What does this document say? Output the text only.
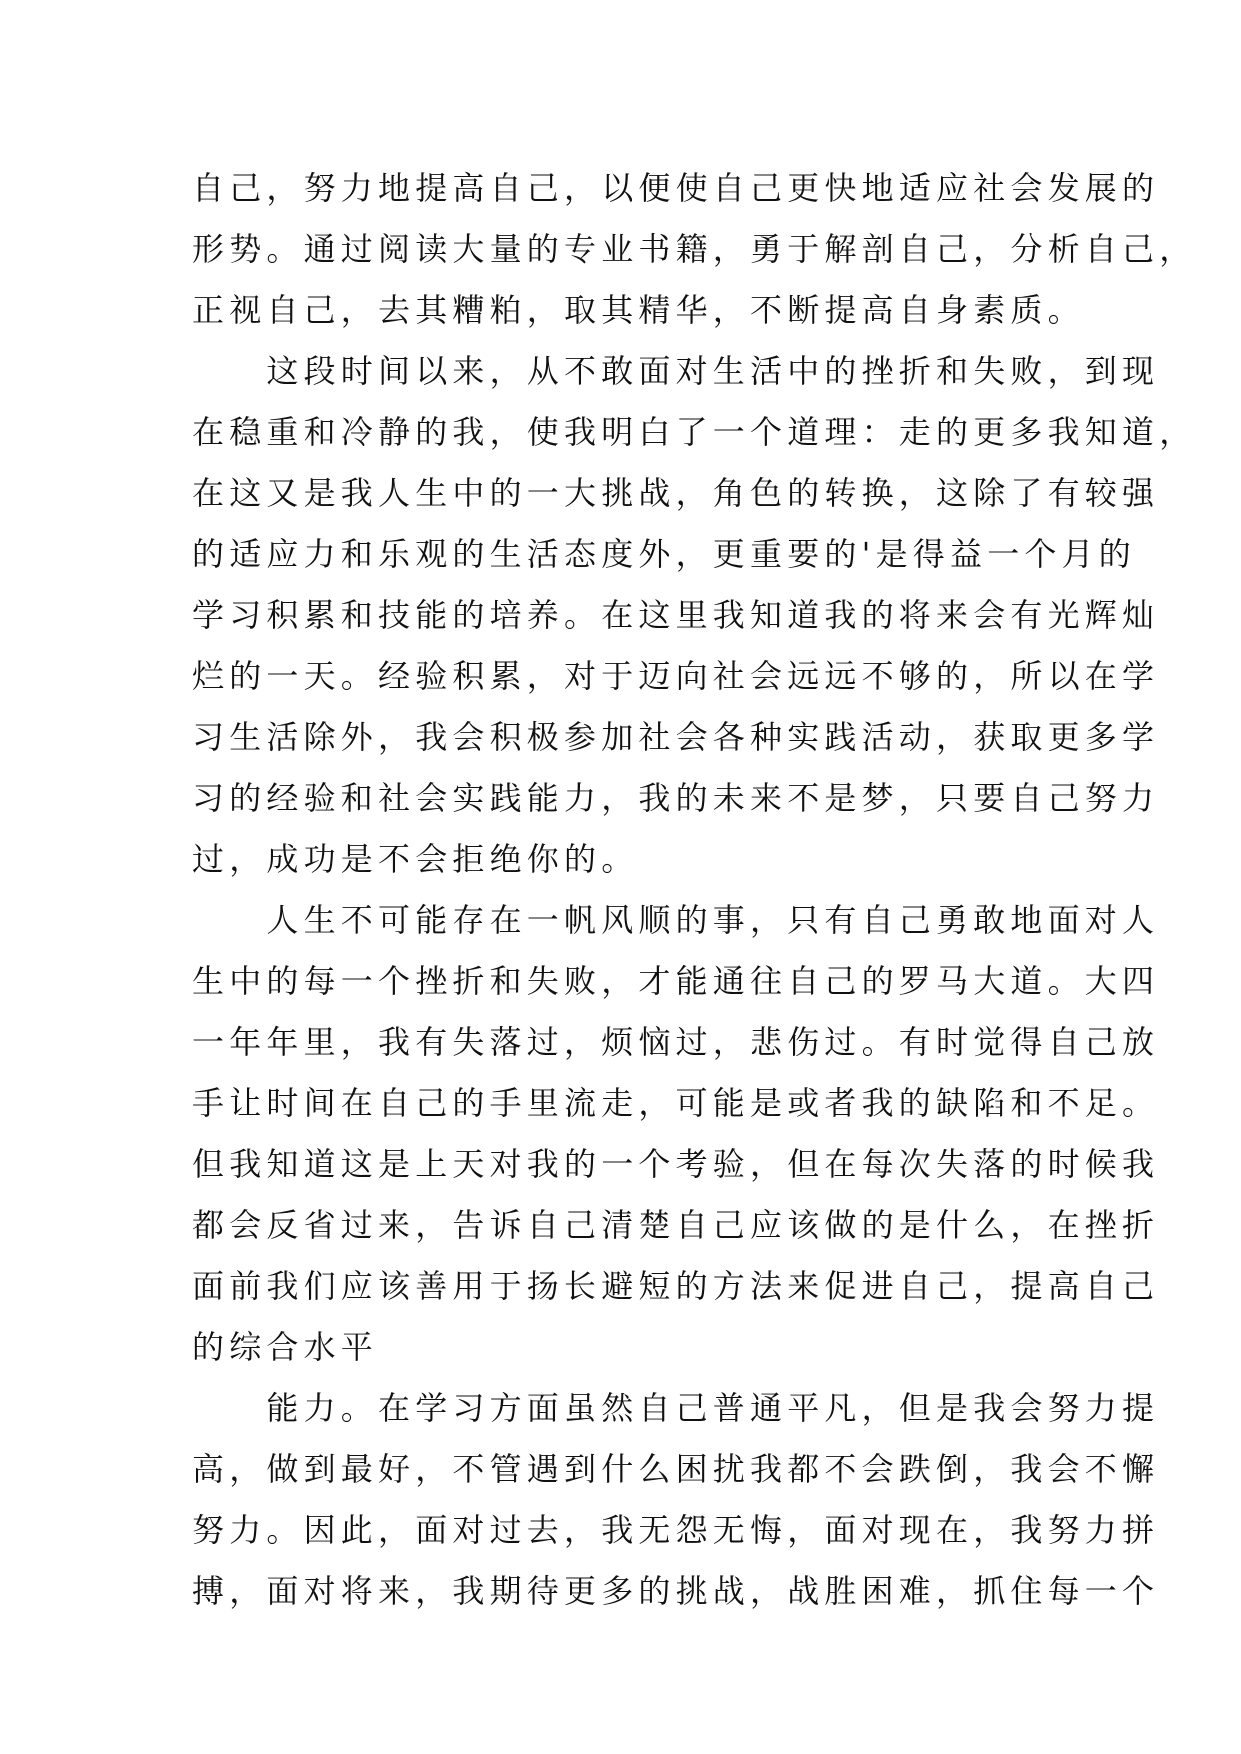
自己，努力地提高自己，以便使自己更快地适应社会发展的
形势。通过阅读大量的专业书籍，勇于解剖自己，分析自己，
正视自己，去其糟粕，取其精华，不断提高自身素质。
　　这段时间以来，从不敢面对生活中的挫折和失败，到现
在稳重和冷静的我，使我明白了一个道理：走的更多我知道，
在这又是我人生中的一大挑战，角色的转换，这除了有较强
的适应力和乐观的生活态度外，更重要的'是得益一个月的
学习积累和技能的培养。在这里我知道我的将来会有光辉灿
烂的一天。经验积累，对于迈向社会远远不够的，所以在学
习生活除外，我会积极参加社会各种实践活动，获取更多学
习的经验和社会实践能力，我的未来不是梦，只要自己努力
过，成功是不会拒绝你的。
　　人生不可能存在一帆风顺的事，只有自己勇敢地面对人
生中的每一个挫折和失败，才能通往自己的罗马大道。大四
一年年里，我有失落过，烦恼过，悲伤过。有时觉得自己放
手让时间在自己的手里流走，可能是或者我的缺陷和不足。
但我知道这是上天对我的一个考验，但在每次失落的时候我
都会反省过来，告诉自己清楚自己应该做的是什么，在挫折
面前我们应该善用于扬长避短的方法来促进自己，提高自己
的综合水平
　　能力。在学习方面虽然自己普通平凡，但是我会努力提
高，做到最好，不管遇到什么困扰我都不会跌倒，我会不懈
努力。因此，面对过去，我无怨无悔，面对现在，我努力拼
搏，面对将来，我期待更多的挑战，战胜困难，抓住每一个
